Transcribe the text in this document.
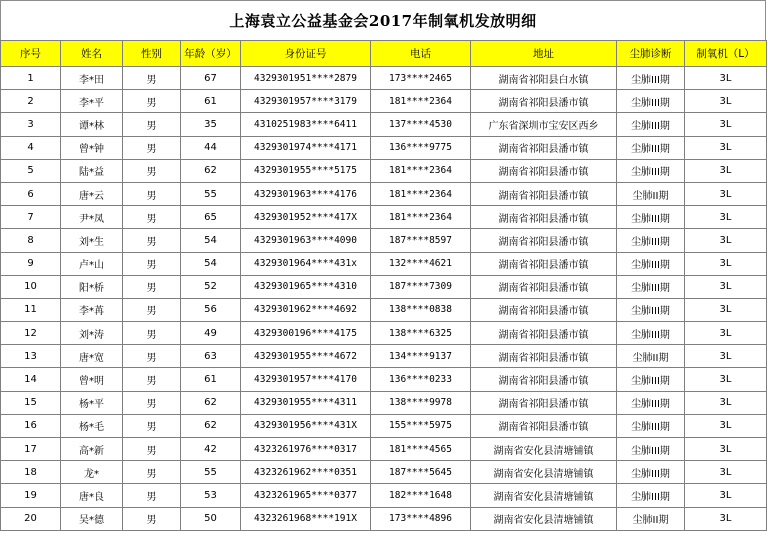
上海袁立公益基金会2017年制氧机发放明细
序号	姓名	性别	年龄（岁）	身份证号	电话	地址	尘肺诊断	制氧机（L）
1	李*田	男	67	4329301951****2879	173****2465	湖南省祁阳县白水镇	尘肺III期	3L
2	李*平	男	61	4329301957****3179	181****2364	湖南省祁阳县潘市镇	尘肺III期	3L
3	谭*林	男	35	4310251983****6411	137****4530	广东省深圳市宝安区西乡	尘肺III期	3L
4	曾*钟	男	44	4329301974****4171	136****9775	湖南省祁阳县潘市镇	尘肺III期	3L
5	陆*益	男	62	4329301955****5175	181****2364	湖南省祁阳县潘市镇	尘肺III期	3L
6	唐*云	男	55	4329301963****4176	181****2364	湖南省祁阳县潘市镇	尘肺II期	3L
7	尹*凤	男	65	4329301952****417X	181****2364	湖南省祁阳县潘市镇	尘肺III期	3L
8	刘*生	男	54	4329301963****4090	187****8597	湖南省祁阳县潘市镇	尘肺III期	3L
9	卢*山	男	54	4329301964****431x	132****4621	湖南省祁阳县潘市镇	尘肺III期	3L
10	阳*桥	男	52	4329301965****4310	187****7309	湖南省祁阳县潘市镇	尘肺III期	3L
11	李*苒	男	56	4329301962****4692	138****0838	湖南省祁阳县潘市镇	尘肺III期	3L
12	刘*涛	男	49	4329300196****4175	138****6325	湖南省祁阳县潘市镇	尘肺III期	3L
13	唐*宽	男	63	4329301955****4672	134****9137	湖南省祁阳县潘市镇	尘肺II期	3L
14	曾*明	男	61	4329301957****4170	136****0233	湖南省祁阳县潘市镇	尘肺III期	3L
15	杨*平	男	62	4329301955****4311	138****9978	湖南省祁阳县潘市镇	尘肺III期	3L
16	杨*毛	男	62	4329301956****431X	155****5975	湖南省祁阳县潘市镇	尘肺III期	3L
17	高*新	男	42	4323261976****0317	181****4565	湖南省安化县清塘铺镇	尘肺III期	3L
18	龙*	男	55	4323261962****0351	187****5645	湖南省安化县清塘铺镇	尘肺III期	3L
19	唐*良	男	53	4323261965****0377	182****1648	湖南省安化县清塘铺镇	尘肺III期	3L
20	吴*德	男	50	4323261968****191X	173****4896	湖南省安化县清塘铺镇	尘肺II期	3L
